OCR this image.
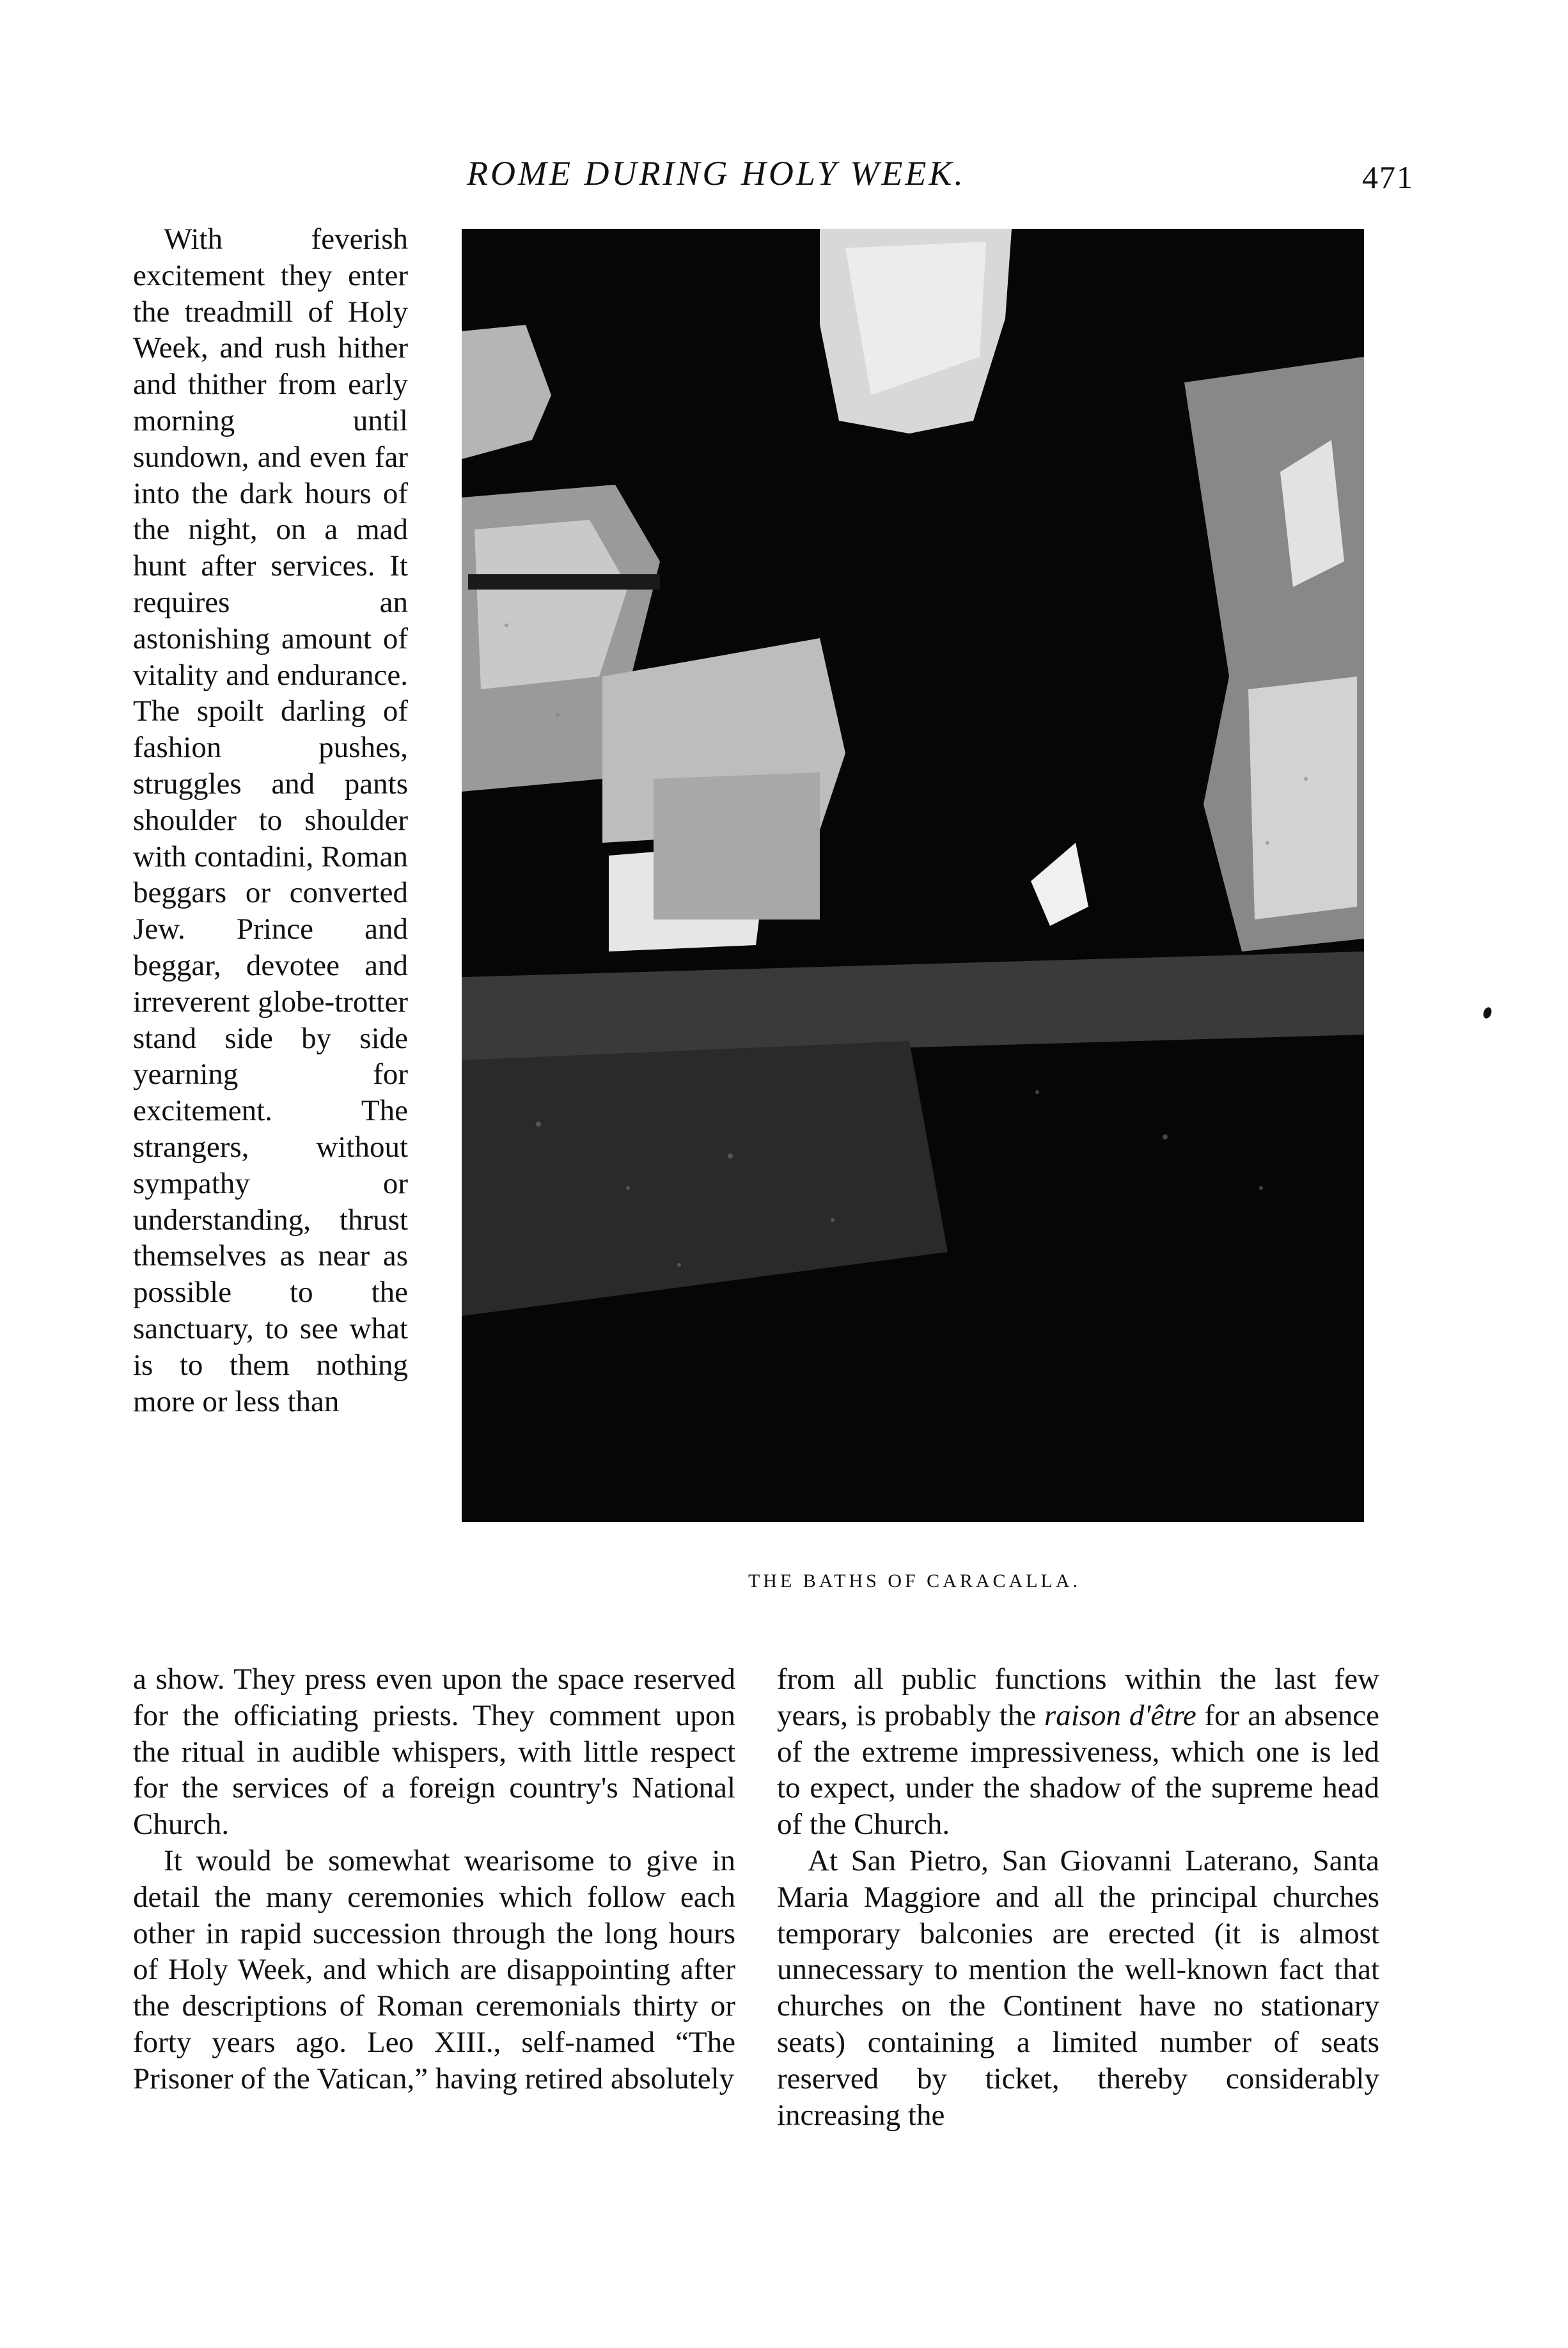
ROME DURING HOLY WEEK.	471

With feverish excitement they enter the treadmill of Holy Week, and rush hither and thither from early morning until sundown, and even far into the dark hours of the night, on a mad hunt after services. It requires an astonishing amount of vitality and endurance. The spoilt darling of fashion pushes, struggles and pants shoulder to shoulder with contadini, Roman beggars or converted Jew. Prince and beggar, devotee and irreverent globe-trotter stand side by side yearning for excitement. The strangers, without sympathy or understanding, thrust themselves as near as possible to the sanctuary, to see what is to them nothing more or less than

THE BATHS OF CARACALLA.

a show. They press even upon the space reserved for the officiating priests. They comment upon the ritual in audible whispers, with little respect for the services of a foreign country's National Church.

It would be somewhat wearisome to give in detail the many ceremonies which follow each other in rapid succession through the long hours of Holy Week, and which are disappointing after the descriptions of Roman ceremonials thirty or forty years ago. Leo XIII., self-named “The Prisoner of the Vatican,” having retired absolutely

from all public functions within the last few years, is probably the raison d'être for an absence of the extreme impressiveness, which one is led to expect, under the shadow of the supreme head of the Church.

At San Pietro, San Giovanni Laterano, Santa Maria Maggiore and all the principal churches temporary balconies are erected (it is almost unnecessary to mention the well-known fact that churches on the Continent have no stationary seats) containing a limited number of seats reserved by ticket, thereby considerably increasing the
